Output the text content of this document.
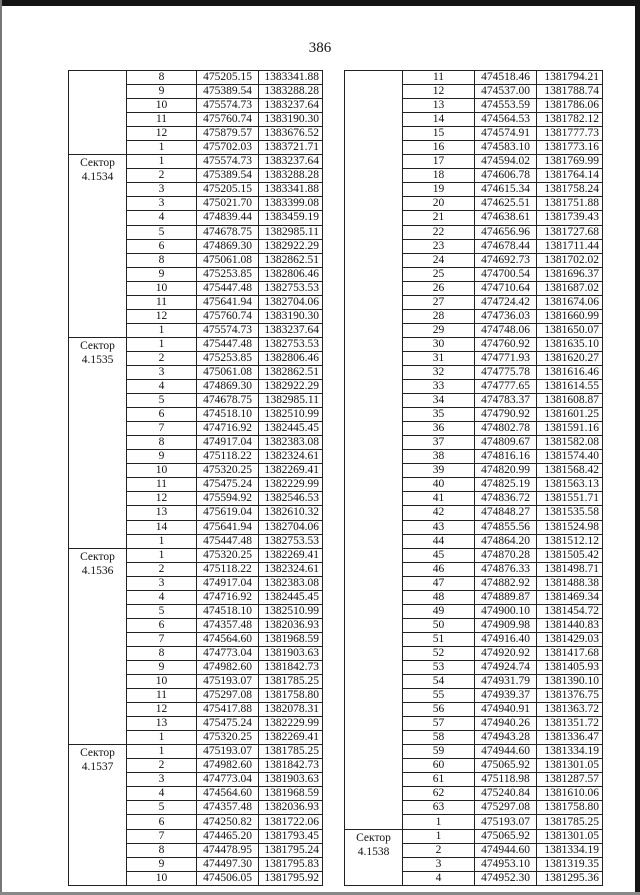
386
	8	475205.15	1383341.88
	9	475389.54	1383288.28
	10	475574.73	1383237.64
	11	475760.74	1383190.30
	12	475879.57	1383676.52
	1	475702.03	1383721.71

Сектор
4.1534	1	475574.73	1383237.64
	2	475389.54	1383288.28
	3	475205.15	1383341.88
	3	475021.70	1383399.08
	4	474839.44	1383459.19
	5	474678.75	1382985.11
	6	474869.30	1382922.29
	8	475061.08	1382862.51
	9	475253.85	1382806.46
	10	475447.48	1382753.53
	11	475641.94	1382704.06
	12	475760.74	1383190.30
	1	475574.73	1383237.64

Сектор
4.1535	1	475447.48	1382753.53
	2	475253.85	1382806.46
	3	475061.08	1382862.51
	4	474869.30	1382922.29
	5	474678.75	1382985.11
	6	474518.10	1382510.99
	7	474716.92	1382445.45
	8	474917.04	1382383.08
	9	475118.22	1382324.61
	10	475320.25	1382269.41
	11	475475.24	1382229.99
	12	475594.92	1382546.53
	13	475619.04	1382610.32
	14	475641.94	1382704.06
	1	475447.48	1382753.53

Сектор
4.1536	1	475320.25	1382269.41
	2	475118.22	1382324.61
	3	474917.04	1382383.08
	4	474716.92	1382445.45
	5	474518.10	1382510.99
	6	474357.48	1382036.93
	7	474564.60	1381968.59
	8	474773.04	1381903.63
	9	474982.60	1381842.73
	10	475193.07	1381785.25
	11	475297.08	1381758.80
	12	475417.88	1382078.31
	13	475475.24	1382229.99
	1	475320.25	1382269.41

Сектор
4.1537	1	475193.07	1381785.25
	2	474982.60	1381842.73
	3	474773.04	1381903.63
	4	474564.60	1381968.59
	5	474357.48	1382036.93
	6	474250.82	1381722.06
	7	474465.20	1381793.45
	8	474478.95	1381795.24
	9	474497.30	1381795.83
	10	474506.05	1381795.92
	11	474518.46	1381794.21
	12	474537.00	1381788.74
	13	474553.59	1381786.06
	14	474564.53	1381782.12
	15	474574.91	1381777.73
	16	474583.10	1381773.16
	17	474594.02	1381769.99
	18	474606.78	1381764.14
	19	474615.34	1381758.24
	20	474625.51	1381751.88
	21	474638.61	1381739.43
	22	474656.96	1381727.68
	23	474678.44	1381711.44
	24	474692.73	1381702.02
	25	474700.54	1381696.37
	26	474710.64	1381687.02
	27	474724.42	1381674.06
	28	474736.03	1381660.99
	29	474748.06	1381650.07
	30	474760.92	1381635.10
	31	474771.93	1381620.27
	32	474775.78	1381616.46
	33	474777.65	1381614.55
	34	474783.37	1381608.87
	35	474790.92	1381601.25
	36	474802.78	1381591.16
	37	474809.67	1381582.08
	38	474816.16	1381574.40
	39	474820.99	1381568.42
	40	474825.19	1381563.13
	41	474836.72	1381551.71
	42	474848.27	1381535.58
	43	474855.56	1381524.98
	44	474864.20	1381512.12
	45	474870.28	1381505.42
	46	474876.33	1381498.71
	47	474882.92	1381488.38
	48	474889.87	1381469.34
	49	474900.10	1381454.72
	50	474909.98	1381440.83
	51	474916.40	1381429.03
	52	474920.92	1381417.68
	53	474924.74	1381405.93
	54	474931.79	1381390.10
	55	474939.37	1381376.75
	56	474940.91	1381363.72
	57	474940.26	1381351.72
	58	474943.28	1381336.47
	59	474944.60	1381334.19
	60	475065.92	1381301.05
	61	475118.98	1381287.57
	62	475240.84	1381610.06
	63	475297.08	1381758.80
	1	475193.07	1381785.25

Сектор
4.1538	1	475065.92	1381301.05
	2	474944.60	1381334.19
	3	474953.10	1381319.35
	4	474952.30	1381295.36
